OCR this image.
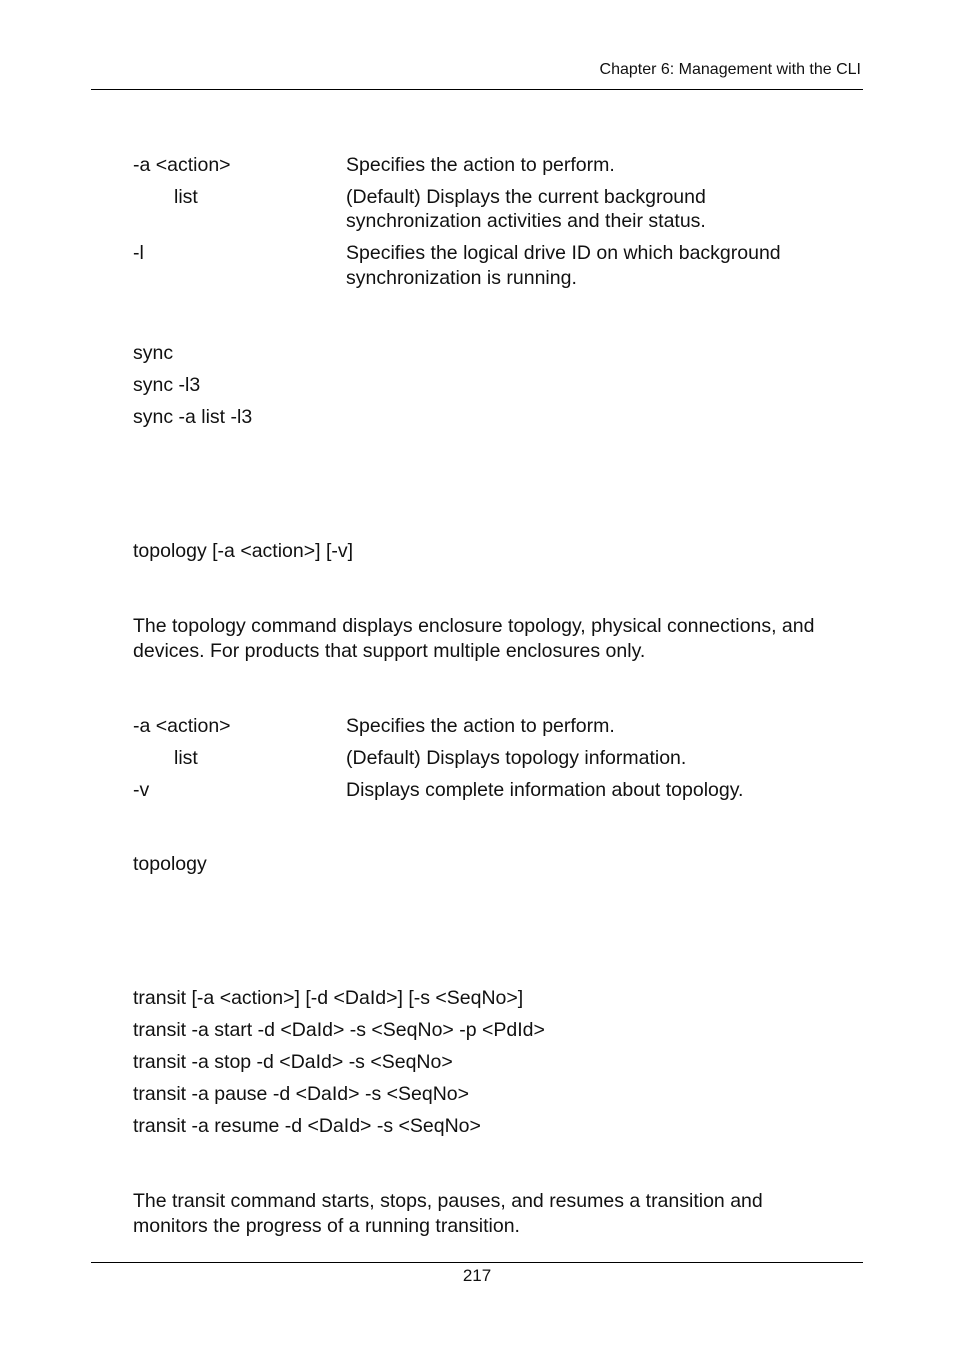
Chapter 6: Management with the CLI
-a <action>	Specifies the action to perform.
list	(Default) Displays the current background
synchronization activities and their status.
-l	Specifies the logical drive ID on which background
synchronization is running.
sync
sync -l3
sync -a list -l3
topology [-a <action>] [-v]
The topology command displays enclosure topology, physical connections, and
devices. For products that support multiple enclosures only.
-a <action>	Specifies the action to perform.
list	(Default) Displays topology information.
-v	Displays complete information about topology.
topology
transit [-a <action>] [-d <DaId>] [-s <SeqNo>]
transit -a start -d <DaId> -s <SeqNo> -p <PdId>
transit -a stop -d <DaId> -s <SeqNo>
transit -a pause -d <DaId> -s <SeqNo>
transit -a resume -d <DaId> -s <SeqNo>
The transit command starts, stops, pauses, and resumes a transition and
monitors the progress of a running transition.
217
